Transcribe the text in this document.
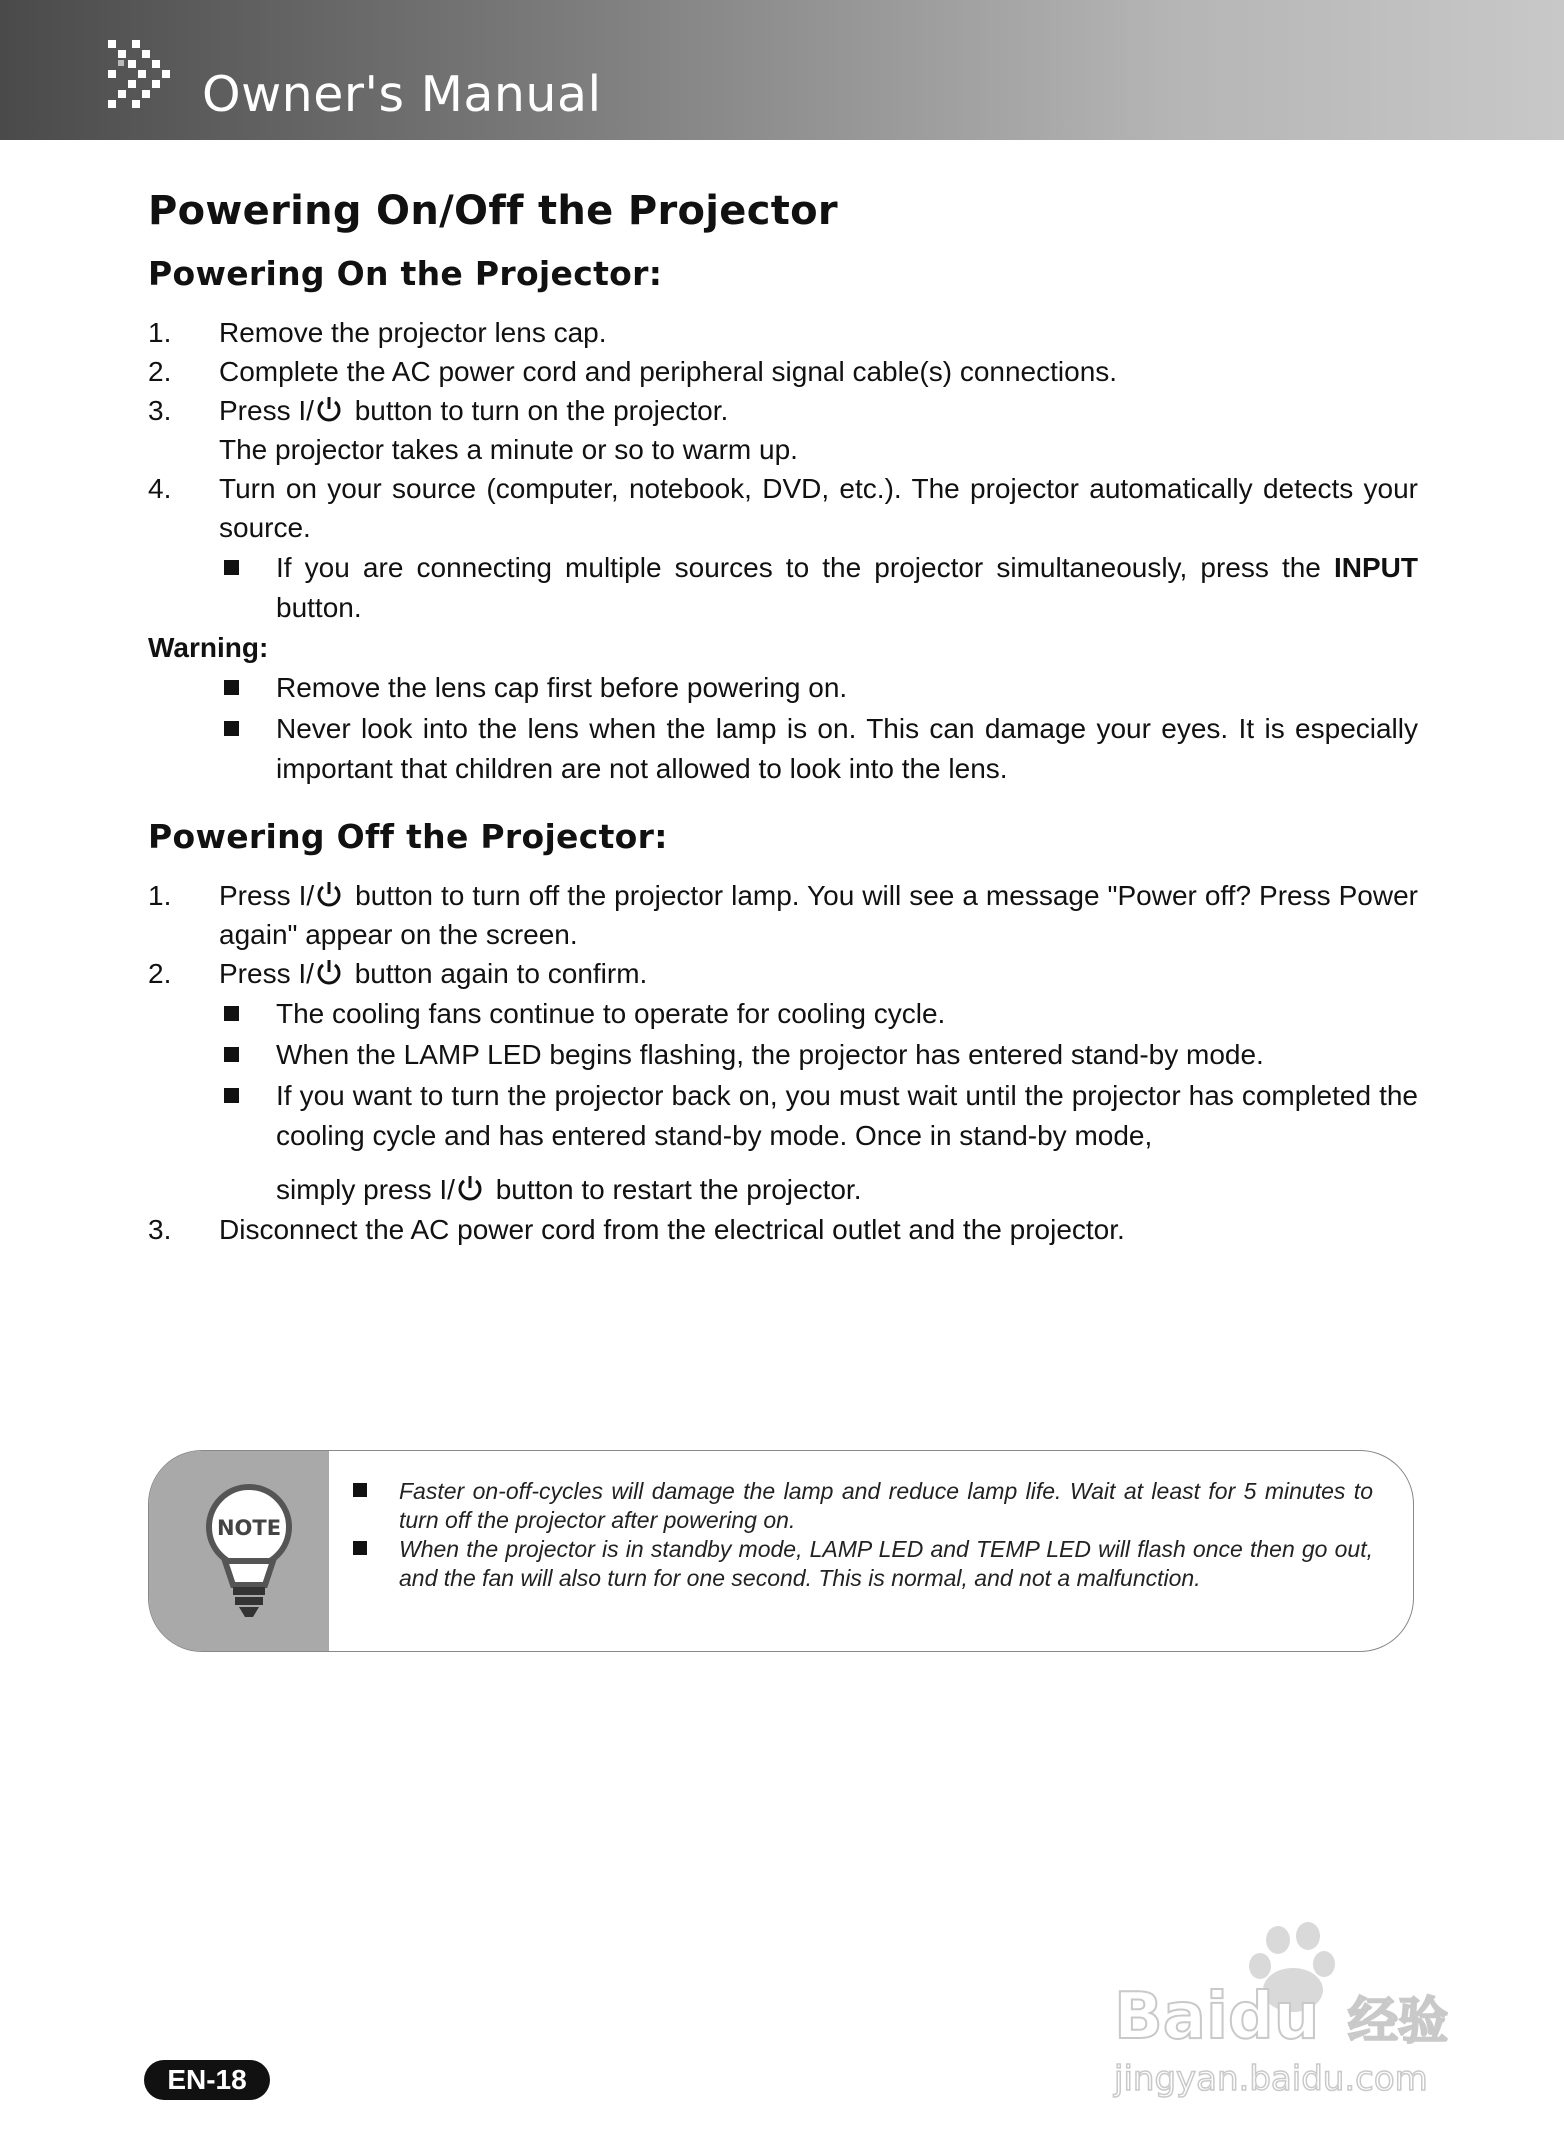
Owner's Manual
Powering On/Off the Projector
Powering On the Projector:
1. Remove the projector lens cap.
2. Complete the AC power cord and peripheral signal cable(s) connections.
3. Press I/ button to turn on the projector.
The projector takes a minute or so to warm up.
4. Turn on your source (computer, notebook, DVD, etc.). The projector automatically detects your source.
If you are connecting multiple sources to the projector simultaneously, press the INPUT button.
Warning:
Remove the lens cap first before powering on.
Never look into the lens when the lamp is on. This can damage your eyes. It is especially important that children are not allowed to look into the lens.
Powering Off the Projector:
1. Press I/ button to turn off the projector lamp. You will see a message "Power off? Press Power again" appear on the screen.
2. Press I/ button again to confirm.
The cooling fans continue to operate for cooling cycle.
When the LAMP LED begins flashing, the projector has entered stand-by mode.
If you want to turn the projector back on, you must wait until the projector has completed the cooling cycle and has entered stand-by mode. Once in stand-by mode,
simply press I/ button to restart the projector.
3. Disconnect the AC power cord from the electrical outlet and the projector.
NOTE
Faster on-off-cycles will damage the lamp and reduce lamp life. Wait at least for 5 minutes to turn off the projector after powering on.
When the projector is in standby mode, LAMP LED and TEMP LED will flash once then go out, and the fan will also turn for one second. This is normal, and not a malfunction.
Baidu 经验
jingyan.baidu.com
EN-18
